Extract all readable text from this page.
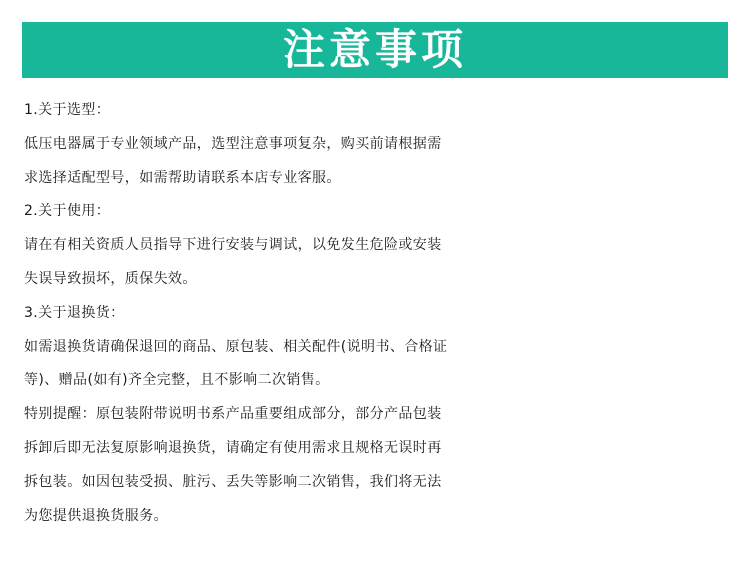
注意事项
1.关于选型：
低压电器属于专业领域产品，选型注意事项复杂，购买前请根据需
求选择适配型号，如需帮助请联系本店专业客服。
2.关于使用：
请在有相关资质人员指导下进行安装与调试，以免发生危险或安装
失误导致损坏，质保失效。
3.关于退换货：
如需退换货请确保退回的商品、原包装、相关配件(说明书、合格证
等)、赠品(如有)齐全完整，且不影响二次销售。
特别提醒：原包装附带说明书系产品重要组成部分，部分产品包装
拆卸后即无法复原影响退换货，请确定有使用需求且规格无误时再
拆包装。如因包装受损、脏污、丢失等影响二次销售，我们将无法
为您提供退换货服务。
